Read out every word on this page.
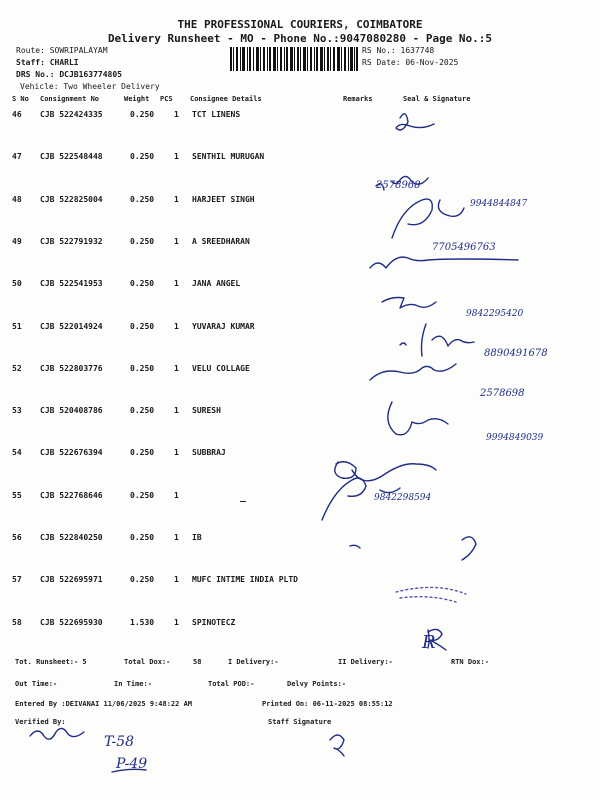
THE PROFESSIONAL COURIERS, COIMBATORE
Delivery Runsheet - MO - Phone No.:9047080280 - Page No.:5
Route: SOWRIPALAYAM
Staff: CHARLI
DRS No.: DCJB163774805
Vehicle: Two Wheeler Delivery
RS No.: 1637748
RS Date: 06-Nov-2025
S No Consignment No	Weight PCS Consignee Details	Remarks	Seal & Signature
46 CJB 522424335	0.250 1 TCT LINENS
47 CJB 522548448	0.250 1 SENTHIL MURUGAN
48 CJB 522825004	0.250 1 HARJEET SINGH
49 CJB 522791932	0.250 1 A SREEDHARAN
50 CJB 522541953	0.250 1 JANA ANGEL
51 CJB 522014924	0.250 1 YUVARAJ KUMAR
52 CJB 522803776	0.250 1 VELU COLLAGE
53 CJB 520408786	0.250 1 SURESH
54 CJB 522676394	0.250 1 SUBBRAJ
55 CJB 522768646	0.250 1
56 CJB 522840250	0.250 1 IB
57 CJB 522695971	0.250 1 MUFC INTIME INDIA PLTD
58 CJB 522695930	1.530 1 SPINOTECZ
Tot. Runsheet:- 5	Total Dox:-	58	I Delivery:-	II Delivery:-	RTN Dox:-
Out Time:-	In Time:-	Total POD:-	Delvy Points:-
Entered By :DEIVANAI 11/06/2025 9:48:22 AM	Printed On: 06-11-2025 08:55:12
Verified By:	Staff Signature
2578968
9944844847
7705496763
9842295420
8890491678
2578698
9994849039
9842298594
T-58
P-49
R
